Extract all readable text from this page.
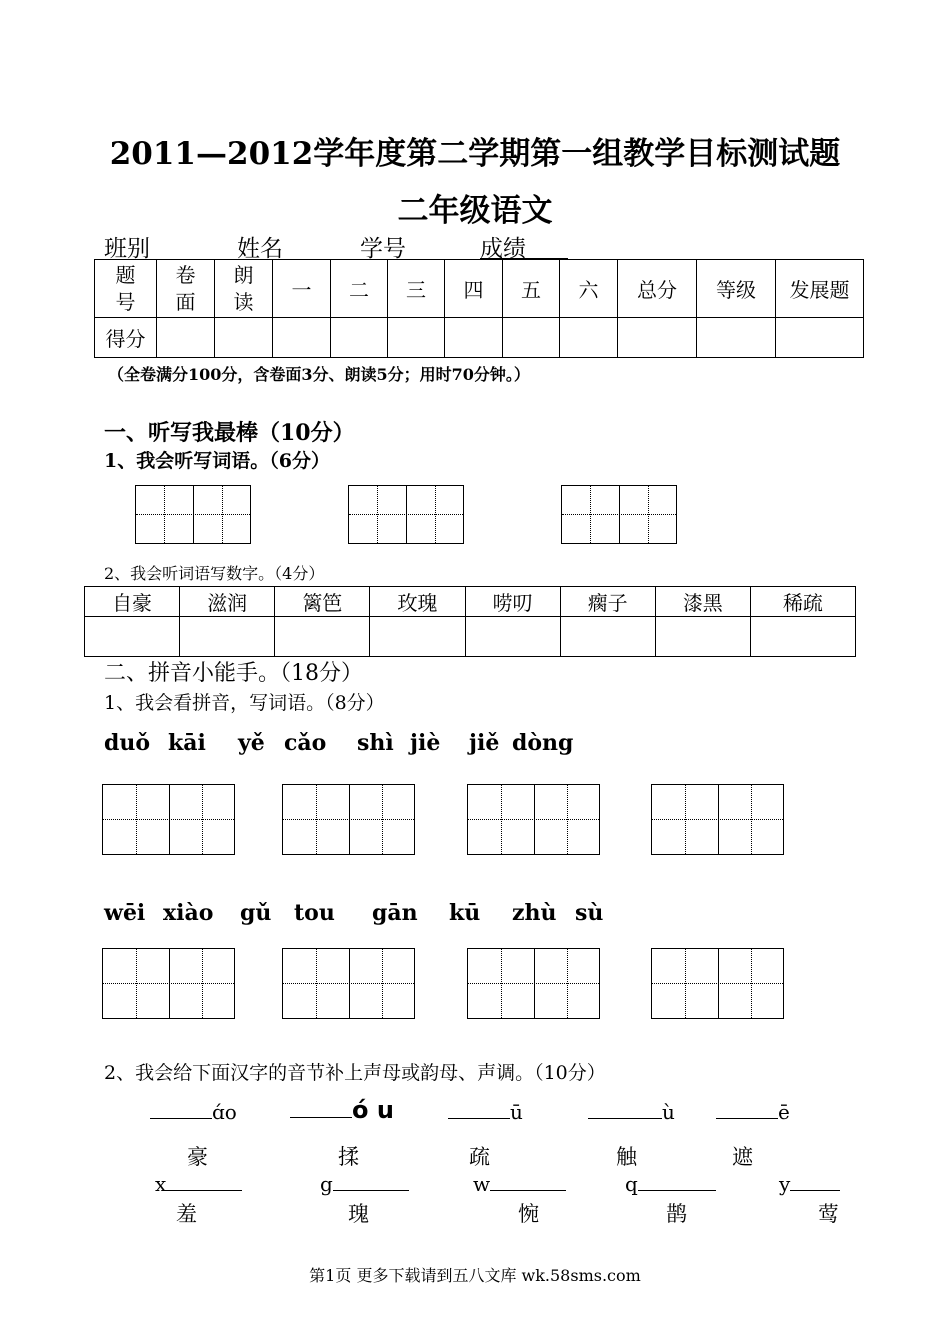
2011—2012学年度第二学期第一组教学目标测试题
二年级语文
班别	姓名	学号	成绩
题号	卷面	朗读	一	二	三	四	五	六	总分	等级	发展题
得分											
（全卷满分100分，含卷面3分、朗读5分；用时70分钟。）
一、听写我最棒（10分）
1、我会听写词语。（6分）
2、我会听词语写数字。（4分）
自豪	滋润	篱笆	玫瑰	唠叨	瘸子	漆黑	稀疏

二、拼音小能手。（18分）
1、我会看拼音，写词语。（8分）
duǒ kāi yě cǎo shì jiè jiě dòng
wēi xiào gǔ tou gān kū zhù sù
2、我会给下面汉字的音节补上声母或韵母、声调。（10分）
ɑ́o	ó u	ū	ù	ē
豪	揉	疏	触	遮
x	g	w	q	y
羞	瑰	惋	鹊	莺
第1页 更多下载请到五八文库 wk.58sms.com
